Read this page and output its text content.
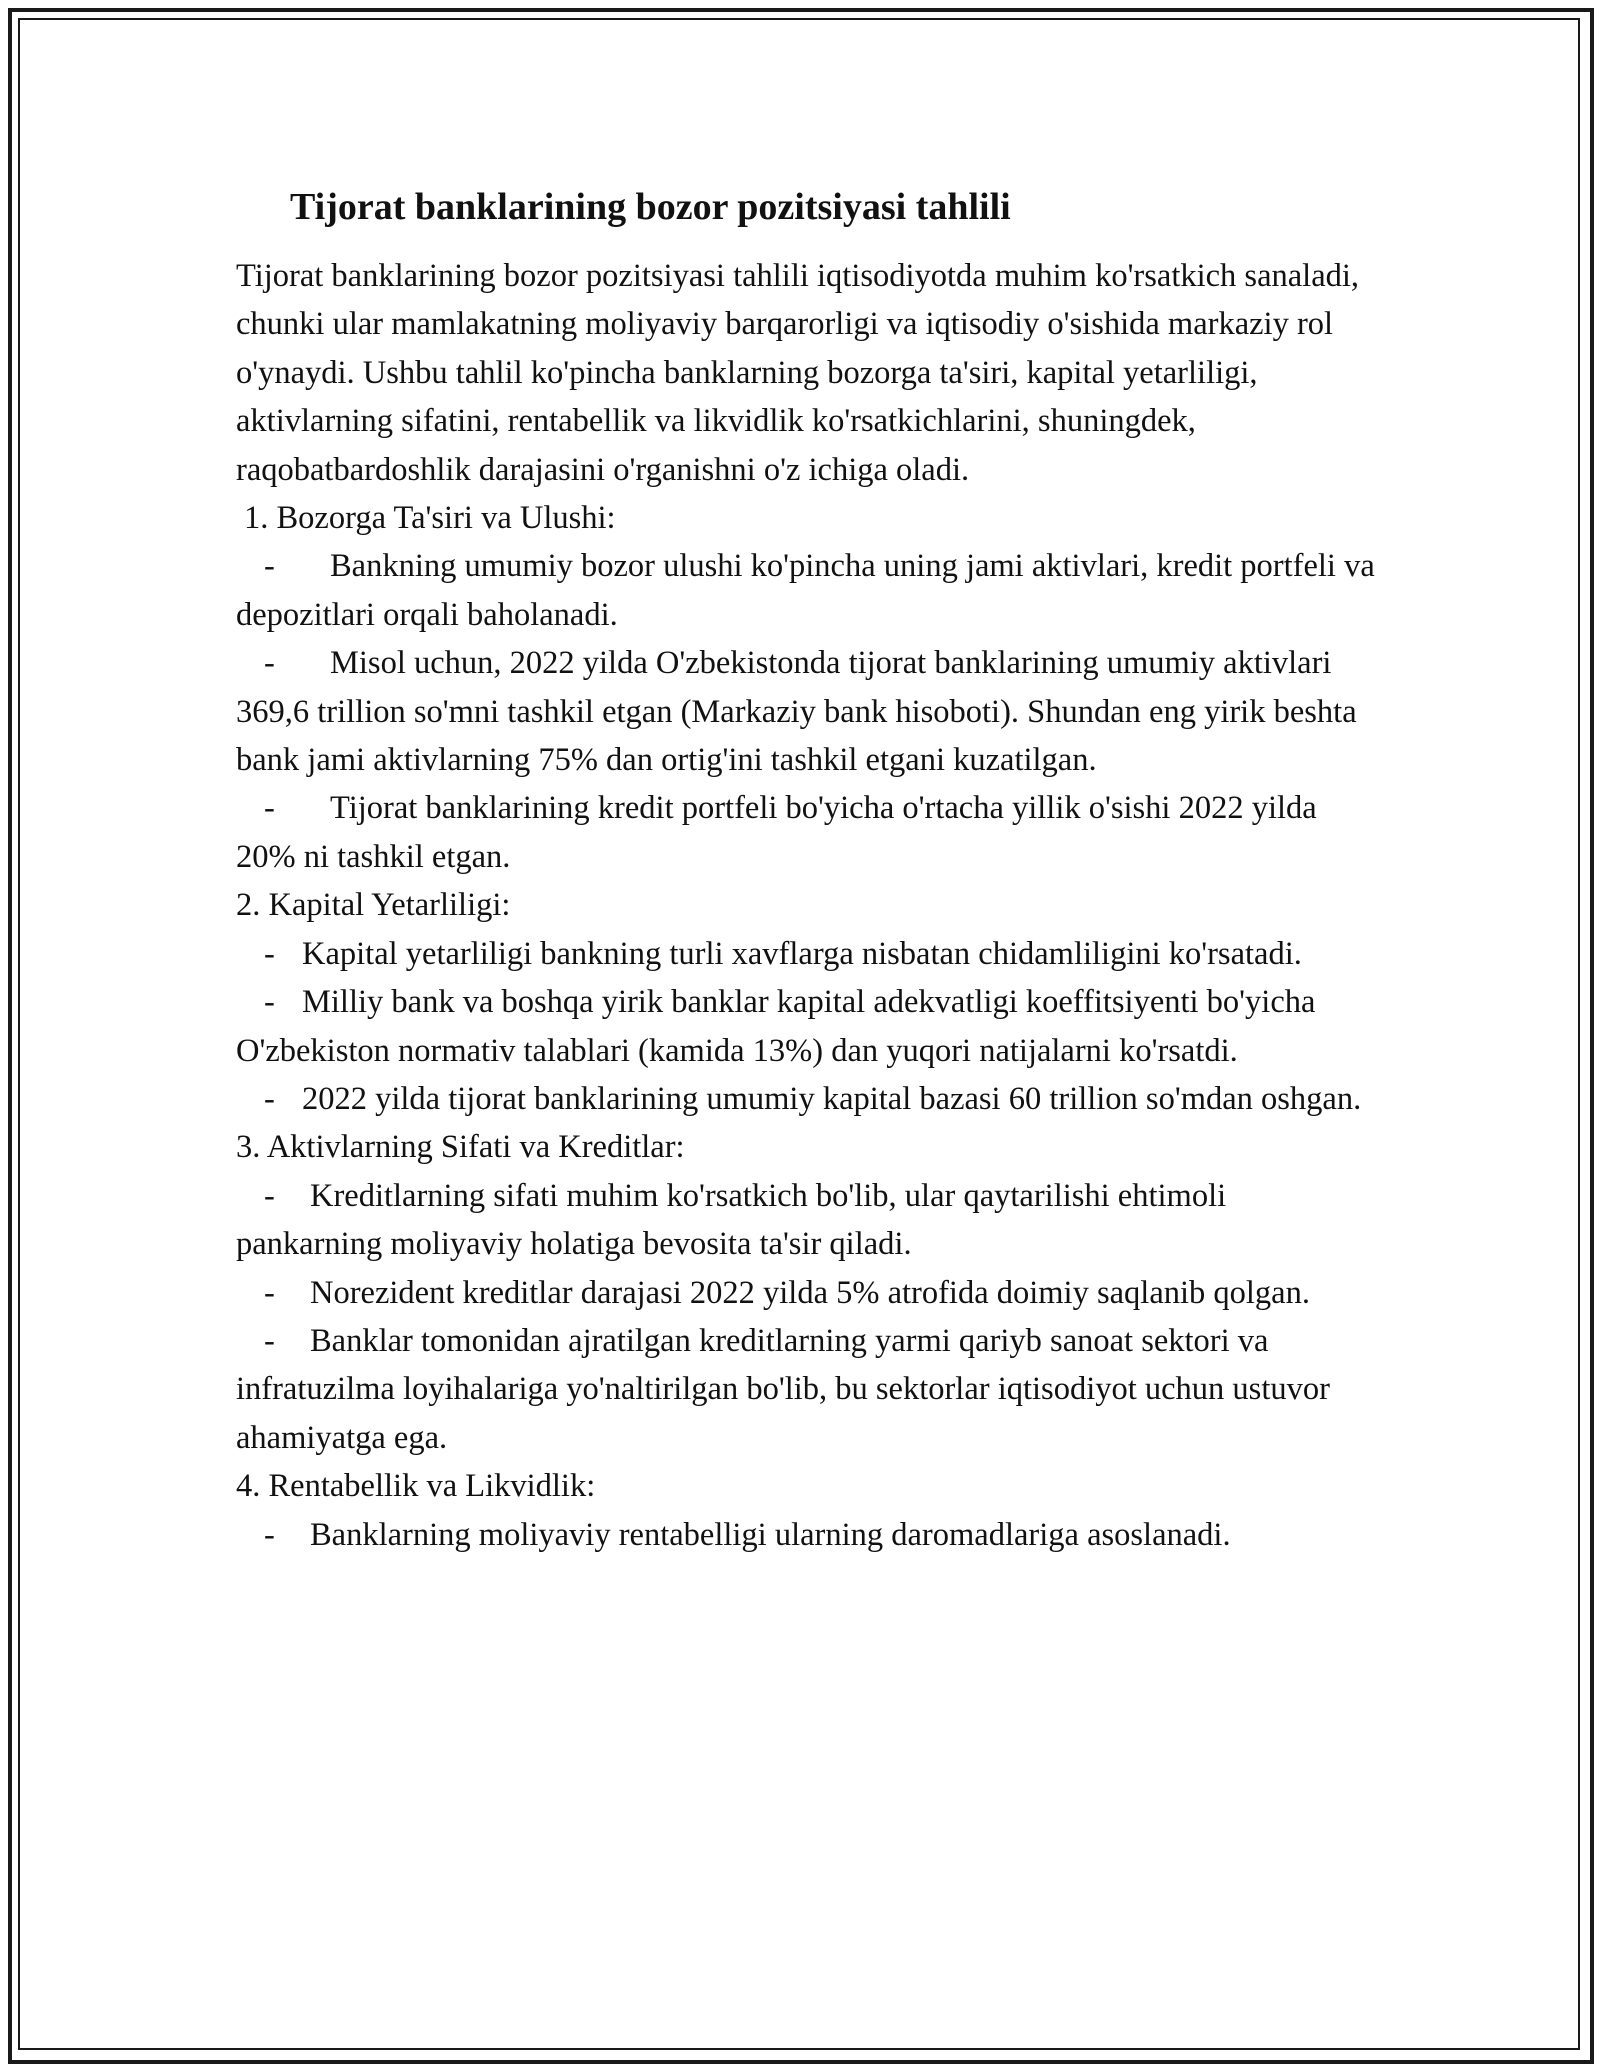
Tijorat banklarining bozor pozitsiyasi tahlili

Tijorat banklarining bozor pozitsiyasi tahlili iqtisodiyotda muhim ko'rsatkich sanaladi, chunki ular mamlakatning moliyaviy barqarorligi va iqtisodiy o'sishida markaziy rol o'ynaydi. Ushbu tahlil ko'pincha banklarning bozorga ta'siri, kapital yetarliligi, aktivlarning sifatini, rentabellik va likvidlik ko'rsatkichlarini, shuningdek, raqobatbardoshlik darajasini o'rganishni o'z ichiga oladi.

1. Bozorga Ta'siri va Ulushi:

- Bankning umumiy bozor ulushi ko'pincha uning jami aktivlari, kredit portfeli va depozitlari orqali baholanadi.

- Misol uchun, 2022 yilda O'zbekistonda tijorat banklarining umumiy aktivlari 369,6 trillion so'mni tashkil etgan (Markaziy bank hisoboti). Shundan eng yirik beshta bank jami aktivlarning 75% dan ortig'ini tashkil etgani kuzatilgan.

- Tijorat banklarining kredit portfeli bo'yicha o'rtacha yillik o'sishi 2022 yilda 20% ni tashkil etgan.

2. Kapital Yetarliligi:

- Kapital yetarliligi bankning turli xavflarga nisbatan chidamliligini ko'rsatadi.

- Milliy bank va boshqa yirik banklar kapital adekvatligi koeffitsiyenti bo'yicha O'zbekiston normativ talablari (kamida 13%) dan yuqori natijalarni ko'rsatdi.

- 2022 yilda tijorat banklarining umumiy kapital bazasi 60 trillion so'mdan oshgan.

3. Aktivlarning Sifati va Kreditlar:

- Kreditlarning sifati muhim ko'rsatkich bo'lib, ular qaytarilishi ehtimoli pankarning moliyaviy holatiga bevosita ta'sir qiladi.

- Norezident kreditlar darajasi 2022 yilda 5% atrofida doimiy saqlanib qolgan.

- Banklar tomonidan ajratilgan kreditlarning yarmi qariyb sanoat sektori va infratuzilma loyihalariga yo'naltirilgan bo'lib, bu sektorlar iqtisodiyot uchun ustuvor ahamiyatga ega.

4. Rentabellik va Likvidlik:

- Banklarning moliyaviy rentabelligi ularning daromadlariga asoslanadi.
